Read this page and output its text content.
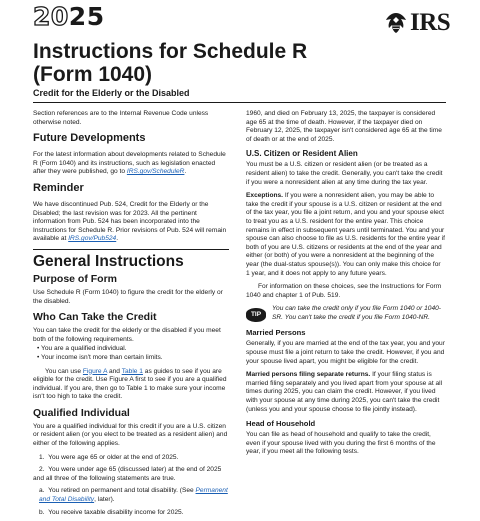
2025	IRS
Instructions for Schedule R
(Form 1040)
Credit for the Elderly or the Disabled

Section references are to the Internal Revenue Code unless otherwise noted.

Future Developments

For the latest information about developments related to Schedule R (Form 1040) and its instructions, such as legislation enacted after they were published, go to IRS.gov/ScheduleR.

Reminder

We have discontinued Pub. 524, Credit for the Elderly or the Disabled; the last revision was for 2023. All the pertinent information from Pub. 524 has been incorporated into the Instructions for Schedule R. Prior revisions of Pub. 524 will remain available at IRS.gov/Pub524.

General Instructions
Purpose of Form

Use Schedule R (Form 1040) to figure the credit for the elderly or the disabled.

Who Can Take the Credit

You can take the credit for the elderly or the disabled if you meet both of the following requirements.

• You are a qualified individual.
• Your income isn't more than certain limits.

You can use Figure A and Table 1 as guides to see if you are eligible for the credit. Use Figure A first to see if you are a qualified individual. If you are, then go to Table 1 to make sure your income isn't too high to take the credit.

Qualified Individual

You are a qualified individual for this credit if you are a U.S. citizen or resident alien (or you elect to be treated as a resident alien) and either of the following applies.

1.  You were age 65 or older at the end of 2025.
2.  You were under age 65 (discussed later) at the end of 2025 and all three of the following statements are true.
a.  You retired on permanent and total disability. (See Permanent and Total Disability, later).
b.  You receive taxable disability income for 2025.

1960, and died on February 13, 2025, the taxpayer is considered age 65 at the time of death. However, if the taxpayer died on February 12, 2025, the taxpayer isn't considered age 65 at the time of death or at the end of 2025.

U.S. Citizen or Resident Alien

You must be a U.S. citizen or resident alien (or be treated as a resident alien) to take the credit. Generally, you can't take the credit if you were a nonresident alien at any time during the tax year.

Exceptions. If you were a nonresident alien, you may be able to take the credit if your spouse is a U.S. citizen or resident at the end of the tax year, you file a joint return, and you and your spouse elect to treat you as a U.S. resident for the entire year. This choice remains in effect in subsequent years until terminated. You and your spouse can also choose to file as U.S. residents for the entire year if both of you are U.S. citizens or residents at the end of the year and either (or both) of you were a nonresident at the beginning of the year (the dual-status spouse(s)). You can only make this choice for 1 year, and it does not apply to any future years.

For information on these choices, see the Instructions for Form 1040 and chapter 1 of Pub. 519.

TIP
You can take the credit only if you file Form 1040 or 1040-SR. You can't take the credit if you file Form 1040-NR.
Married Persons

Generally, if you are married at the end of the tax year, you and your spouse must file a joint return to take the credit. However, if you and your spouse lived apart, you might be eligible for the credit.

Married persons filing separate returns. If your filing status is married filing separately and you lived apart from your spouse at all times during 2025, you can claim the credit. However, if you lived with your spouse at any time during 2025, you can't take the credit (unless you and your spouse choose to file jointly instead).

Head of Household

You can file as head of household and qualify to take the credit, even if your spouse lived with you during the first 6 months of the year, if you meet all the following tests.
